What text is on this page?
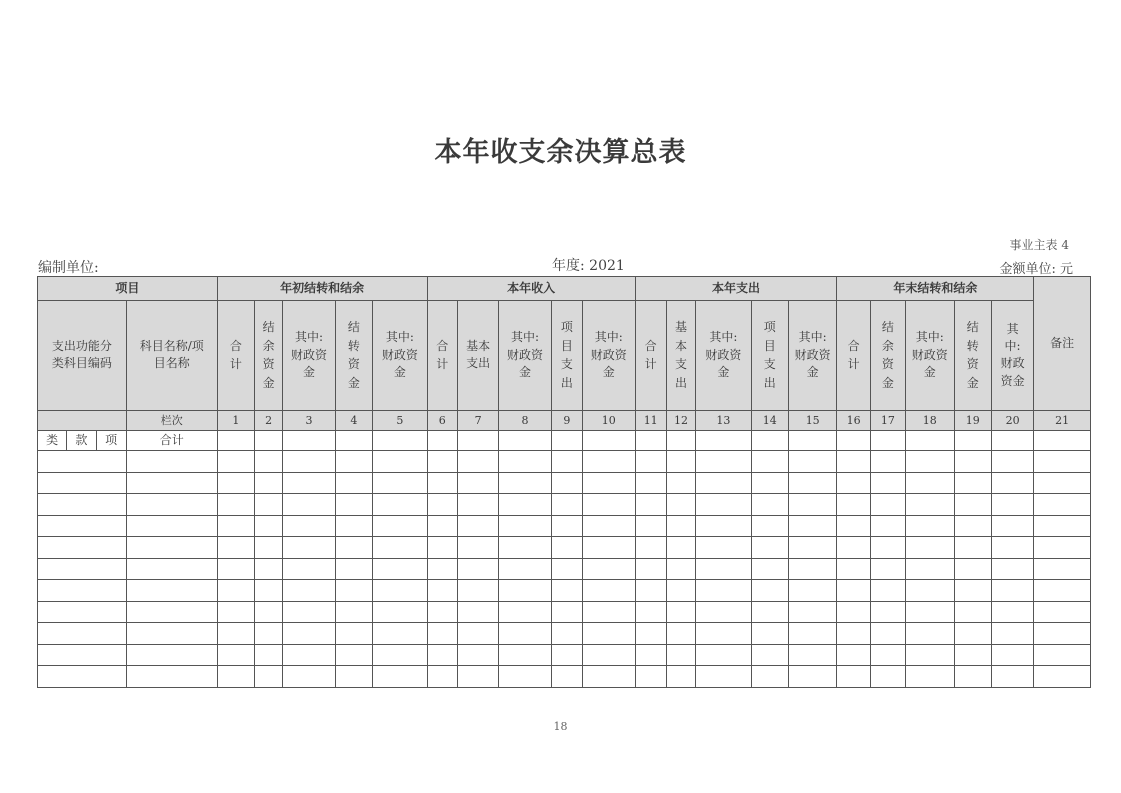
本年收支余决算总表
事业主表 4
编制单位:	年度: 2021	金额单位: 元
项目				年初结转和结余					本年收入					本年支出					年末结转和结余					备注
支出功能分类科目编码			科目名称/项目名称	合计	结余资金	其中:财政资金	结转资金	其中:财政资金	合计	基本支出	其中:财政资金	项目支出	其中:财政资金	合计	基本支出	其中:财政资金	项目支出	其中:财政资金	合计	结余资金	其中:财政资金	结转资金	其中:财政资金	
			栏次	1	2	3	4	5	6	7	8	9	10	11	12	13	14	15	16	17	18	19	20	21
类	款	项	合计																					

18
